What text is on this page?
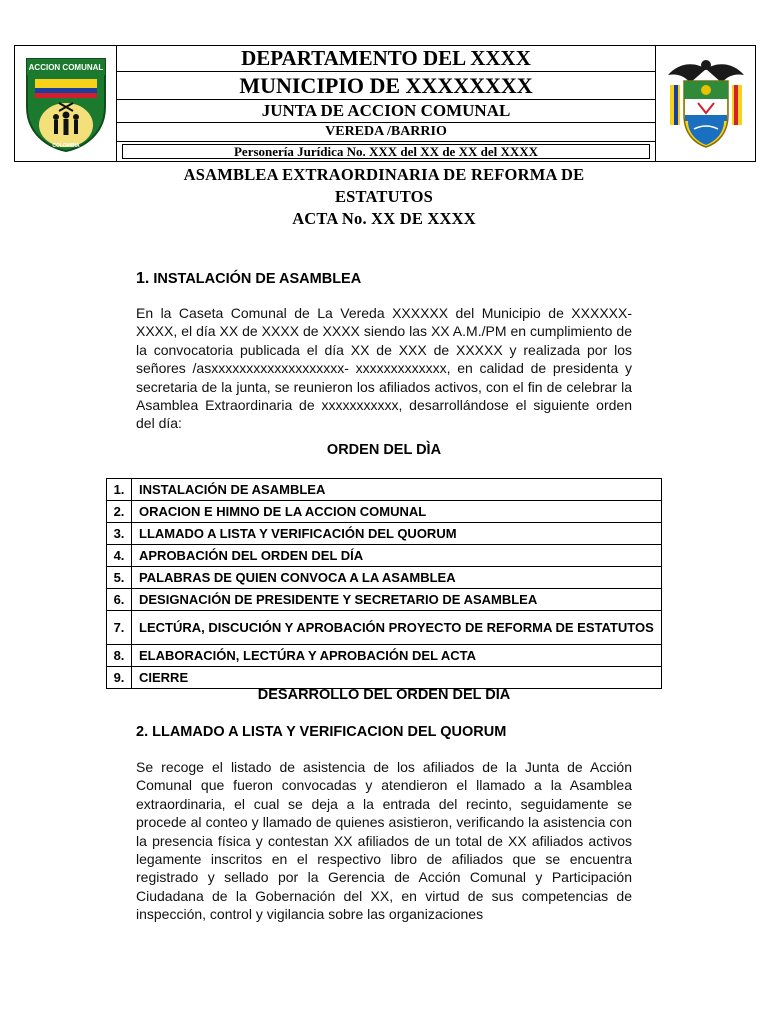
ACCION COMUNAL
COLOMBIA
DEPARTAMENTO DEL XXXX
MUNICIPIO DE XXXXXXXX
JUNTA DE ACCION COMUNAL
VEREDA /BARRIO
Personería Jurídica No. XXX del XX de XX del XXXX
ASAMBLEA EXTRAORDINARIA DE REFORMA DE
ESTATUTOS
ACTA No. XX DE XXXX
1. INSTALACIÓN DE ASAMBLEA
En la Caseta Comunal de La Vereda XXXXXX del Municipio de XXXXXX-XXXX, el día XX de XXXX de XXXX siendo las XX A.M./PM en cumplimiento de la convocatoria publicada el día XX de XXX de XXXXX y realizada por los señores /asxxxxxxxxxxxxxxxxxxx- xxxxxxxxxxxxx, en calidad de presidenta y secretaria de la junta, se reunieron los afiliados activos, con el fin de celebrar la Asamblea Extraordinaria de xxxxxxxxxxx, desarrollándose el siguiente orden del día:
ORDEN DEL DÌA
1.	INSTALACIÓN DE ASAMBLEA
2.	ORACION E HIMNO DE LA ACCION COMUNAL
3.	LLAMADO A LISTA Y VERIFICACIÓN DEL QUORUM
4.	APROBACIÓN DEL ORDEN DEL DÍA
5.	PALABRAS DE QUIEN CONVOCA A LA ASAMBLEA
6.	DESIGNACIÓN DE PRESIDENTE Y SECRETARIO DE ASAMBLEA
7.	LECTÚRA, DISCUCIÓN Y APROBACIÓN PROYECTO DE REFORMA DE ESTATUTOS
8.	ELABORACIÓN, LECTÚRA Y APROBACIÓN DEL ACTA
9.	CIERRE
DESARROLLO DEL ORDEN DEL DIA
2. LLAMADO A LISTA Y VERIFICACION DEL QUORUM
Se recoge el listado de asistencia de los afiliados de la Junta de Acción Comunal que fueron convocadas y atendieron el llamado a la Asamblea extraordinaria, el cual se deja a la entrada del recinto, seguidamente se procede al conteo y llamado de quienes asistieron, verificando la asistencia con la presencia física y contestan XX afiliados de un total de XX afiliados activos legamente inscritos en el respectivo libro de afiliados que se encuentra registrado y sellado por la Gerencia de Acción Comunal y Participación Ciudadana de la Gobernación del XX, en virtud de sus competencias de inspección, control y vigilancia sobre las organizaciones
